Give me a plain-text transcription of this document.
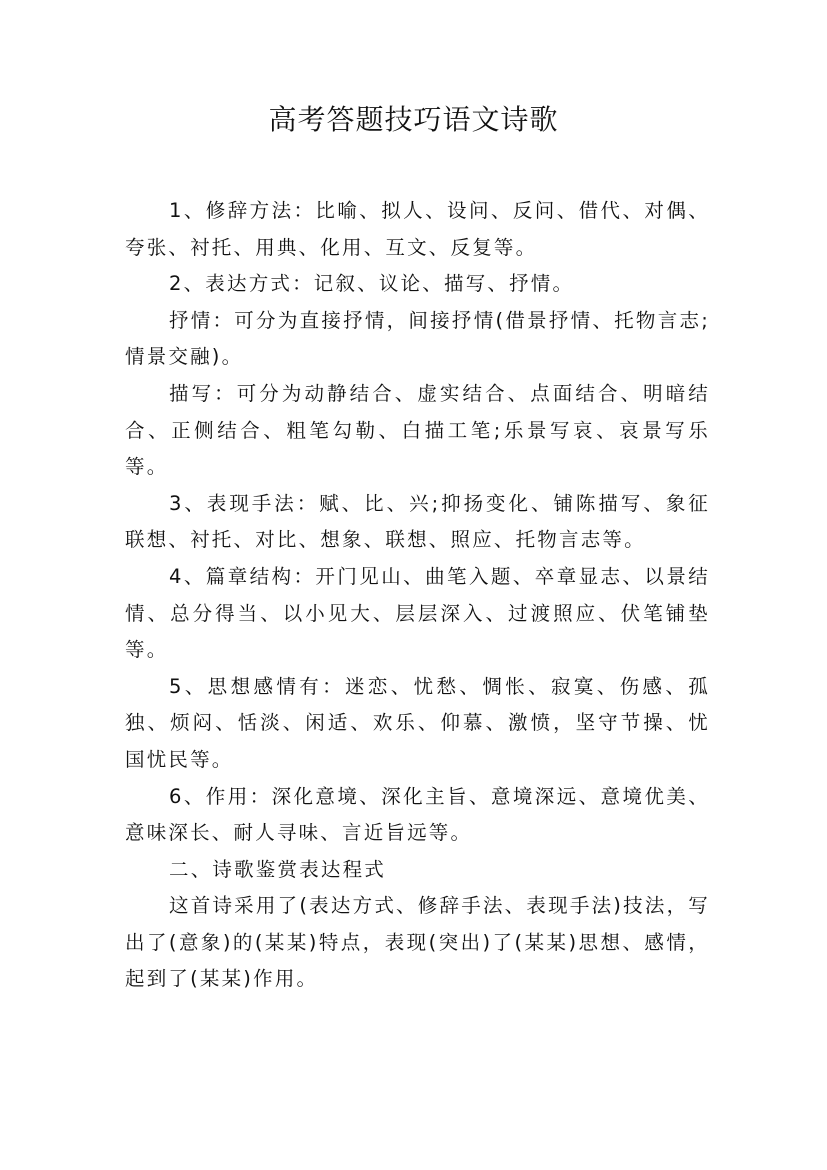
高考答题技巧语文诗歌

1、修辞方法：比喻、拟人、设问、反问、借代、对偶、夸张、衬托、用典、化用、互文、反复等。

2、表达方式：记叙、议论、描写、抒情。

抒情：可分为直接抒情，间接抒情(借景抒情、托物言志;情景交融)。

描写：可分为动静结合、虚实结合、点面结合、明暗结合、正侧结合、粗笔勾勒、白描工笔;乐景写哀、哀景写乐等。

3、表现手法：赋、比、兴;抑扬变化、铺陈描写、象征联想、衬托、对比、想象、联想、照应、托物言志等。

4、篇章结构：开门见山、曲笔入题、卒章显志、以景结情、总分得当、以小见大、层层深入、过渡照应、伏笔铺垫等。

5、思想感情有：迷恋、忧愁、惆怅、寂寞、伤感、孤独、烦闷、恬淡、闲适、欢乐、仰慕、激愤，坚守节操、忧国忧民等。

6、作用：深化意境、深化主旨、意境深远、意境优美、意味深长、耐人寻味、言近旨远等。

二、诗歌鉴赏表达程式

这首诗采用了(表达方式、修辞手法、表现手法)技法，写出了(意象)的(某某)特点，表现(突出)了(某某)思想、感情，起到了(某某)作用。
